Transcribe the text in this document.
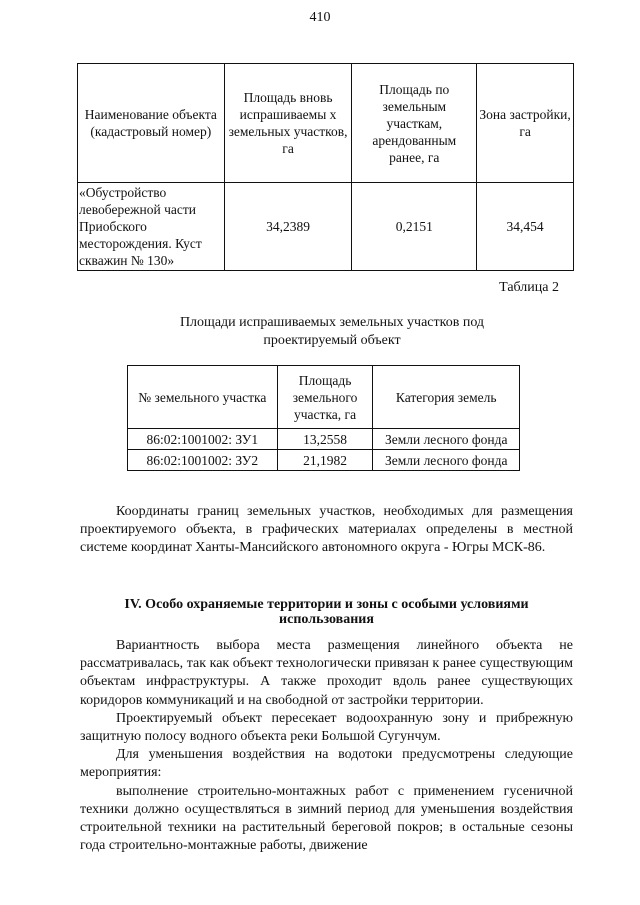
410
Наименование объекта (кадастровый номер)	Площадь вновь испрашиваемы х земельных участков, га	Площадь по земельным участкам, арендованным ранее, га	Зона застройки, га
«Обустройство левобережной части Приобского месторождения. Куст скважин № 130»	34,2389	0,2151	34,454
Таблица 2
Площади испрашиваемых земельных участков под
проектируемый объект
№ земельного участка	Площадь земельного участка, га	Категория земель
86:02:1001002: ЗУ1	13,2558	Земли лесного фонда
86:02:1001002: ЗУ2	21,1982	Земли лесного фонда

Координаты границ земельных участков, необходимых для размещения проектируемого объекта, в графических материалах определены в местной системе координат Ханты-Мансийского автономного округа - Югры МСК-86.

IV. Особо охраняемые территории и зоны с особыми условиями использования

Вариантность выбора места размещения линейного объекта не рассматривалась, так как объект технологически привязан к ранее существующим объектам инфраструктуры. А также проходит вдоль ранее существующих коридоров коммуникаций и на свободной от застройки территории.

Проектируемый объект пересекает водоохранную зону и прибрежную защитную полосу водного объекта реки Большой Сугунчум.

Для уменьшения воздействия на водотоки предусмотрены следующие мероприятия:

выполнение строительно-монтажных работ с применением гусеничной техники должно осуществляться в зимний период для уменьшения воздействия строительной техники на растительный береговой покров; в остальные сезоны года строительно-монтажные работы, движение
